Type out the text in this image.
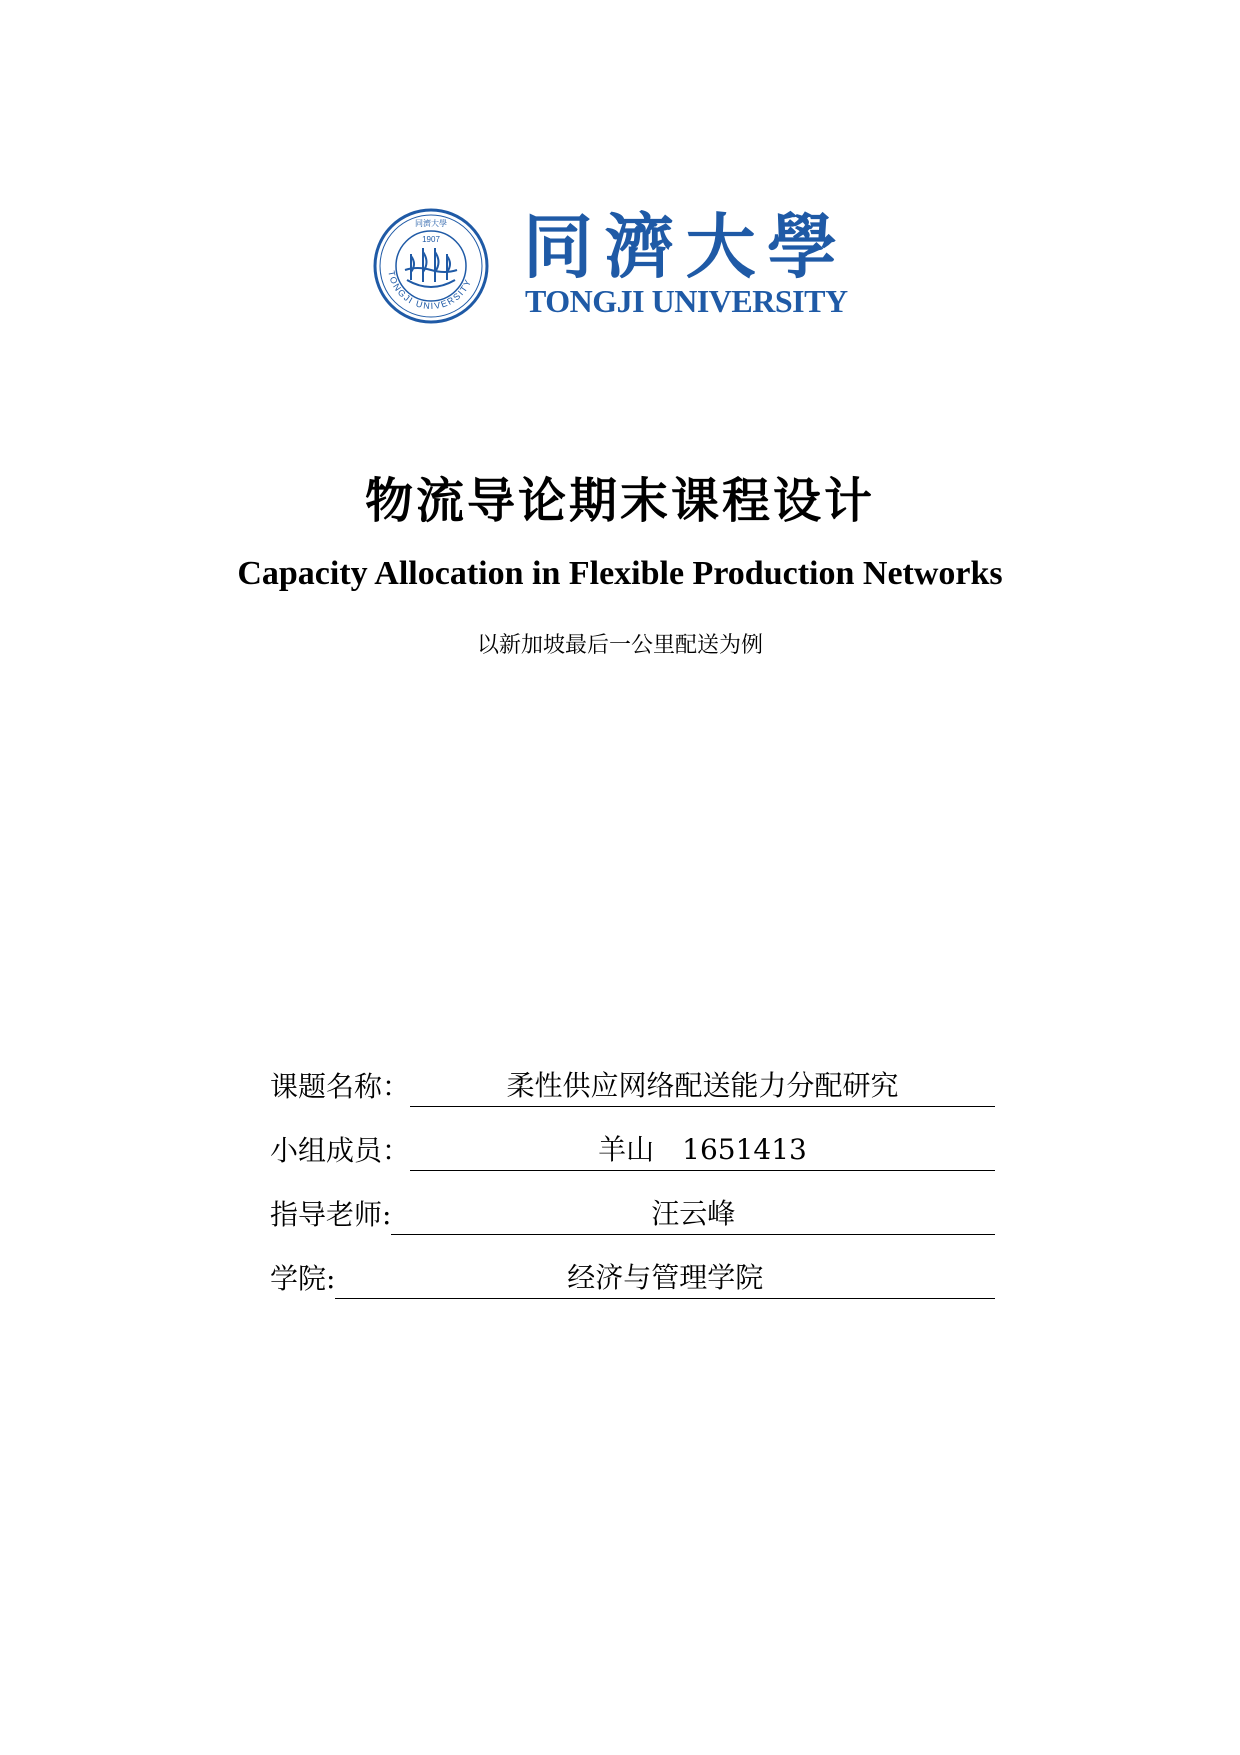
TONGJI UNIVERSITY
同濟大學
1907 同濟大學
TONGJI UNIVERSITY
物流导论期末课程设计
Capacity Allocation in Flexible Production Networks
以新加坡最后一公里配送为例
课题名称：	柔性供应网络配送能力分配研究
小组成员：	羊山　1651413
指导老师:	汪云峰
学院:	经济与管理学院
